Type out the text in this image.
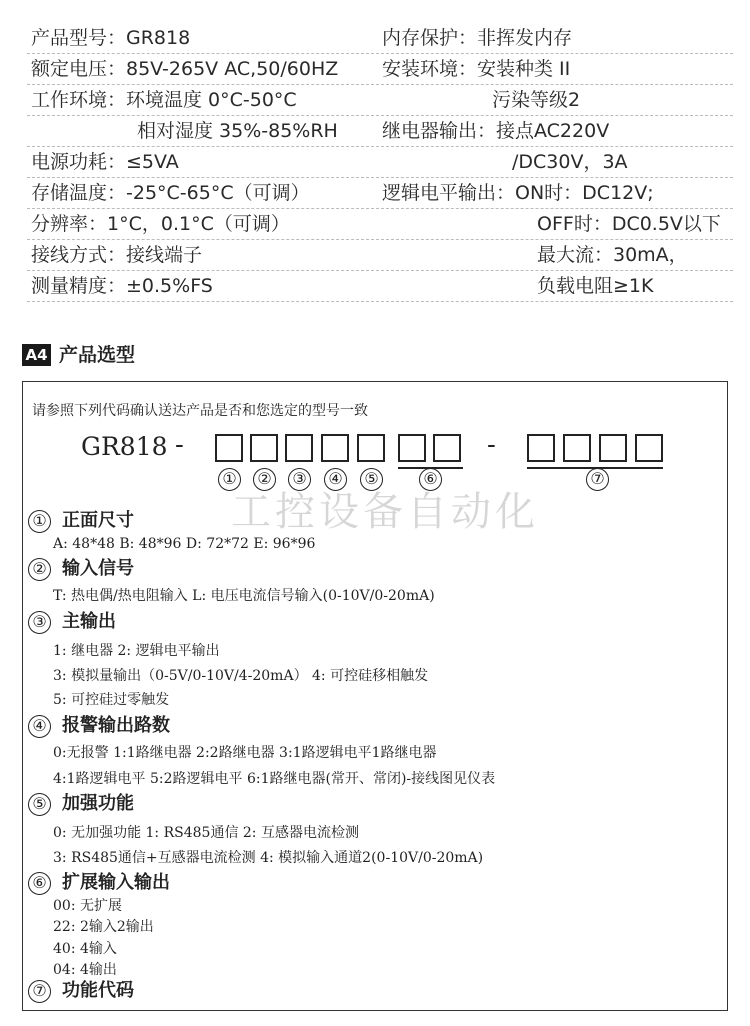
产品型号：GR818	内存保护：非挥发内存
额定电压：85V-265V AC,50/60HZ 安装环境：安装种类 II
工作环境：环境温度 0°C-50°C	污染等级2
相对湿度 35%-85%RH 继电器输出：接点AC220V
电源功耗：≤5VA	/DC30V，3A
存储温度：-25°C-65°C（可调）	逻辑电平输出：ON时：DC12V;
分辨率：1°C，0.1°C（可调）	OFF时：DC0.5V以下
接线方式：接线端子	最大流：30mA，
测量精度：±0.5%FS	负载电阻≥1K
A4 产品选型
请参照下列代码确认送达产品是否和您选定的型号一致
GR818 -	-
① ② ③ ④ ⑤	⑥	⑦
工控设备自动化
① 正面尺寸
A: 48*48 B: 48*96 D: 72*72 E: 96*96
② 输入信号
T: 热电偶/热电阻输入 L: 电压电流信号输入(0-10V/0-20mA)
③ 主输出
1: 继电器 2: 逻辑电平输出
3: 模拟量输出（0-5V/0-10V/4-20mA） 4: 可控硅移相触发
5: 可控硅过零触发
④ 报警输出路数
0:无报警 1:1路继电器 2:2路继电器 3:1路逻辑电平1路继电器
4:1路逻辑电平 5:2路逻辑电平 6:1路继电器(常开、常闭)-接线图见仪表
⑤ 加强功能
0: 无加强功能 1: RS485通信 2: 互感器电流检测
3: RS485通信+互感器电流检测 4: 模拟输入通道2(0-10V/0-20mA)
⑥ 扩展输入输出
00: 无扩展
22: 2输入2输出
40: 4输入
04: 4输出
⑦ 功能代码
